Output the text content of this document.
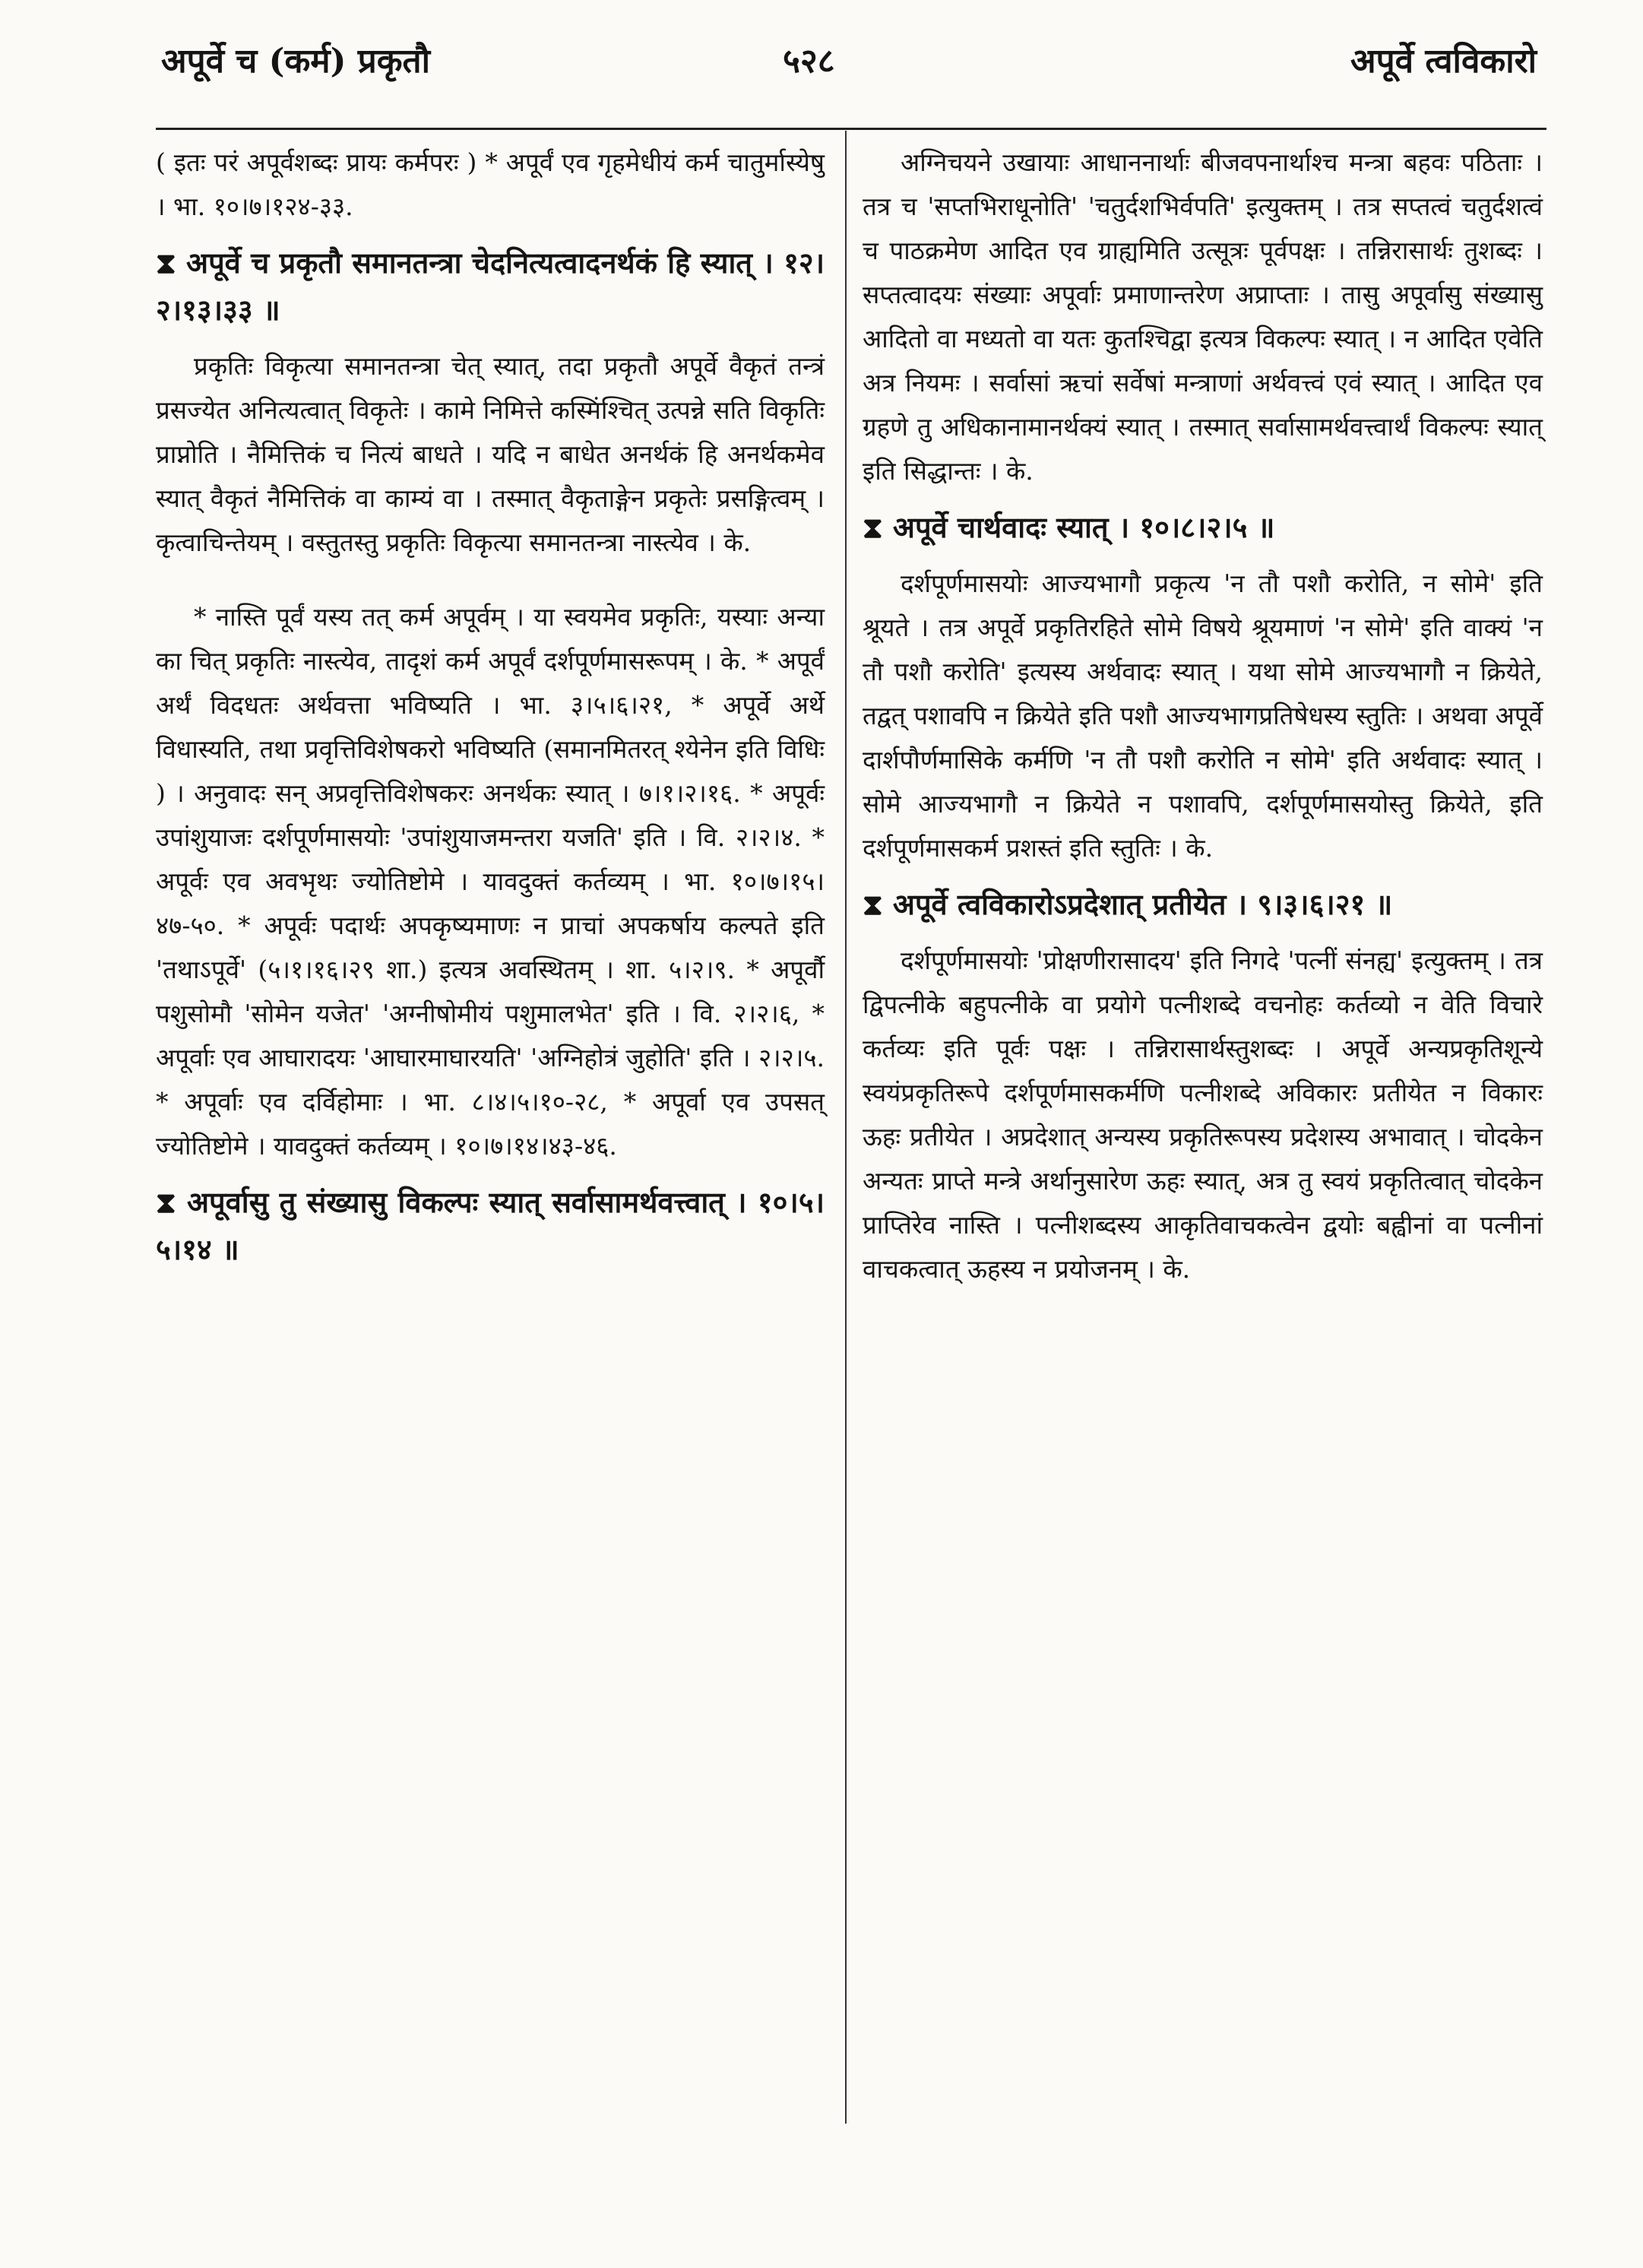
अपूर्वे च (कर्म) प्रकृतौ	५२८	अपूर्वे त्वविकारो

( इतः परं अपूर्वशब्दः प्रायः कर्मपरः ) * अपूर्वं एव गृहमेधीयं कर्म चातुर्मास्येषु । भा. १०।७।१२४-३३.

⧗ अपूर्वे च प्रकृतौ समानतन्त्रा चेदनित्यत्वादनर्थकं हि स्यात् । १२।२।१३।३३ ॥

प्रकृतिः विकृत्या समानतन्त्रा चेत् स्यात्, तदा प्रकृतौ अपूर्वे वैकृतं तन्त्रं प्रसज्येत अनित्यत्वात् विकृतेः । कामे निमित्ते कस्मिंश्चित् उत्पन्ने सति विकृतिः प्राप्नोति । नैमित्तिकं च नित्यं बाधते । यदि न बाधेत अनर्थकं हि अनर्थकमेव स्यात् वैकृतं नैमित्तिकं वा काम्यं वा । तस्मात् वैकृताङ्गेन प्रकृतेः प्रसङ्गित्वम् । कृत्वाचिन्तेयम् । वस्तुतस्तु प्रकृतिः विकृत्या समानतन्त्रा नास्त्येव । के.

* नास्ति पूर्वं यस्य तत् कर्म अपूर्वम् । या स्वयमेव प्रकृतिः, यस्याः अन्या का चित् प्रकृतिः नास्त्येव, तादृशं कर्म अपूर्वं दर्शपूर्णमासरूपम् । के. * अपूर्वं अर्थं विदधतः अर्थवत्ता भविष्यति । भा. ३।५।६।२१, * अपूर्वे अर्थे विधास्यति, तथा प्रवृत्तिविशेषकरो भविष्यति (समानमितरत् श्येनेन इति विधिः ) । अनुवादः सन् अप्रवृत्तिविशेषकरः अनर्थकः स्यात् । ७।१।२।१६. * अपूर्वः उपांशुयाजः दर्शपूर्णमासयोः 'उपांशुयाजमन्तरा यजति' इति । वि. २।२।४. * अपूर्वः एव अवभृथः ज्योतिष्टोमे । यावदुक्तं कर्तव्यम् । भा. १०।७।१५।४७-५०. * अपूर्वः पदार्थः अपकृष्यमाणः न प्राचां अपकर्षाय कल्पते इति 'तथाऽपूर्वे' (५।१।१६।२९ शा.) इत्यत्र अवस्थितम् । शा. ५।२।९. * अपूर्वौ पशुसोमौ 'सोमेन यजेत' 'अग्नीषोमीयं पशुमालभेत' इति । वि. २।२।६, * अपूर्वाः एव आघारादयः 'आघारमाघारयति' 'अग्निहोत्रं जुहोति' इति । २।२।५. * अपूर्वाः एव दर्विहोमाः । भा. ८।४।५।१०-२८, * अपूर्वा एव उपसत् ज्योतिष्टोमे । यावदुक्तं कर्तव्यम् । १०।७।१४।४३-४६.

⧗ अपूर्वासु तु संख्यासु विकल्पः स्यात् सर्वासामर्थवत्त्वात् । १०।५।५।१४ ॥

अग्निचयने उखायाः आधाननार्थाः बीजवपनार्थाश्च मन्त्रा बहवः पठिताः । तत्र च 'सप्तभिराधूनोति' 'चतुर्दशभिर्वपति' इत्युक्तम् । तत्र सप्तत्वं चतुर्दशत्वं च पाठक्रमेण आदित एव ग्राह्यमिति उत्सूत्रः पूर्वपक्षः । तन्निरासार्थः तुशब्दः । सप्तत्वादयः संख्याः अपूर्वाः प्रमाणान्तरेण अप्राप्ताः । तासु अपूर्वासु संख्यासु आदितो वा मध्यतो वा यतः कुतश्चिद्वा इत्यत्र विकल्पः स्यात् । न आदित एवेति अत्र नियमः । सर्वासां ऋचां सर्वेषां मन्त्राणां अर्थवत्त्वं एवं स्यात् । आदित एव ग्रहणे तु अधिकानामानर्थक्यं स्यात् । तस्मात् सर्वासामर्थवत्त्वार्थं विकल्पः स्यात् इति सिद्धान्तः । के.

⧗ अपूर्वे चार्थवादः स्यात् । १०।८।२।५ ॥

दर्शपूर्णमासयोः आज्यभागौ प्रकृत्य 'न तौ पशौ करोति, न सोमे' इति श्रूयते । तत्र अपूर्वे प्रकृतिरहिते सोमे विषये श्रूयमाणं 'न सोमे' इति वाक्यं 'न तौ पशौ करोति' इत्यस्य अर्थवादः स्यात् । यथा सोमे आज्यभागौ न क्रियेते, तद्वत् पशावपि न क्रियेते इति पशौ आज्यभागप्रतिषेधस्य स्तुतिः । अथवा अपूर्वे दार्शपौर्णमासिके कर्मणि 'न तौ पशौ करोति न सोमे' इति अर्थवादः स्यात् । सोमे आज्यभागौ न क्रियेते न पशावपि, दर्शपूर्णमासयोस्तु क्रियेते, इति दर्शपूर्णमासकर्म प्रशस्तं इति स्तुतिः । के.

⧗ अपूर्वे त्वविकारोऽप्रदेशात् प्रतीयेत । ९।३।६।२१ ॥

दर्शपूर्णमासयोः 'प्रोक्षणीरासादय' इति निगदे 'पत्नीं संनह्य' इत्युक्तम् । तत्र द्विपत्नीके बहुपत्नीके वा प्रयोगे पत्नीशब्दे वचनोहः कर्तव्यो न वेति विचारे कर्तव्यः इति पूर्वः पक्षः । तन्निरासार्थस्तुशब्दः । अपूर्वे अन्यप्रकृतिशून्ये स्वयंप्रकृतिरूपे दर्शपूर्णमासकर्मणि पत्नीशब्दे अविकारः प्रतीयेत न विकारः ऊहः प्रतीयेत । अप्रदेशात् अन्यस्य प्रकृतिरूपस्य प्रदेशस्य अभावात् । चोदकेन अन्यतः प्राप्ते मन्त्रे अर्थानुसारेण ऊहः स्यात्, अत्र तु स्वयं प्रकृतित्वात् चोदकेन प्राप्तिरेव नास्ति । पत्नीशब्दस्य आकृतिवाचकत्वेन द्वयोः बह्वीनां वा पत्नीनां वाचकत्वात् ऊहस्य न प्रयोजनम् । के.
